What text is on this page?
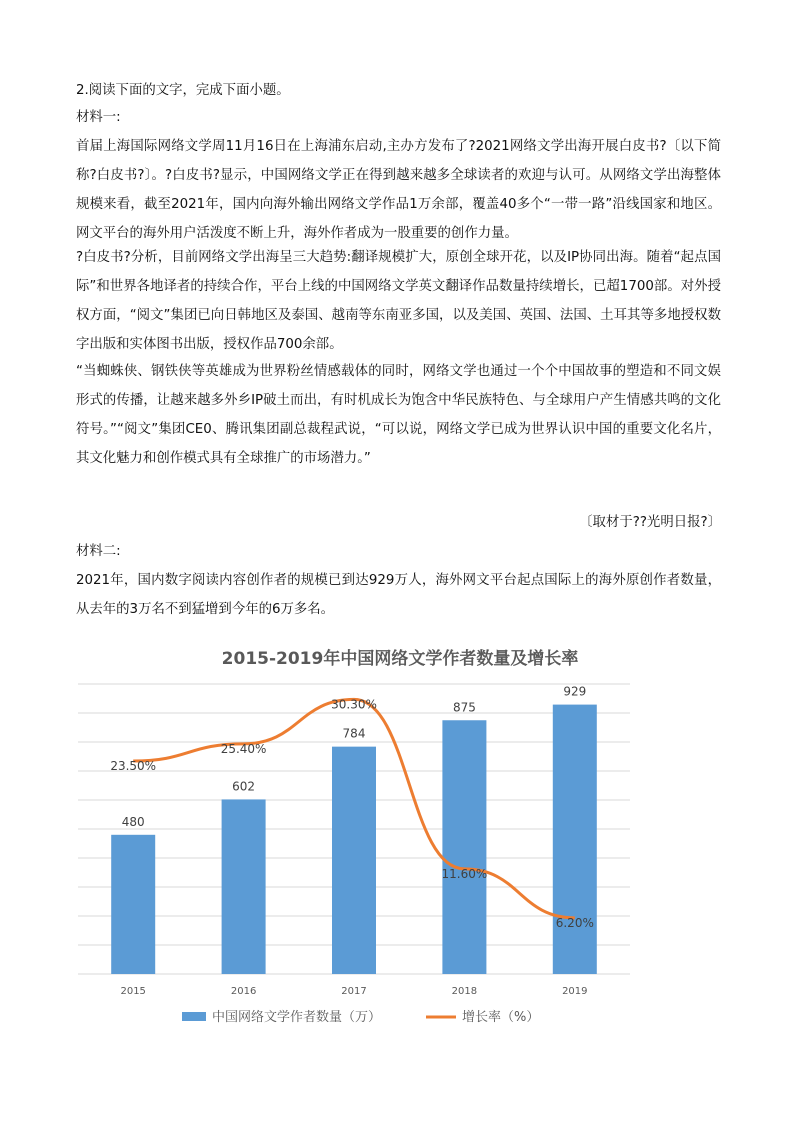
2.阅读下面的文字，完成下面小题。
材料一:
首届上海国际网络文学周11月16日在上海浦东启动,主办方发布了?2021网络文学出海开展白皮书?〔以下简称?白皮书?〕。?白皮书?显示，中国网络文学正在得到越来越多全球读者的欢迎与认可。从网络文学出海整体规模来看，截至2021年，国内向海外输出网络文学作品1万余部，覆盖40多个“一带一路”沿线国家和地区。网文平台的海外用户活泼度不断上升，海外作者成为一股重要的创作力量。
?白皮书?分析，目前网络文学出海呈三大趋势:翻译规模扩大，原创全球开花，以及IP协同出海。随着“起点国际”和世界各地译者的持续合作，平台上线的中国网络文学英文翻译作品数量持续增长，已超1700部。对外授权方面，“阅文”集团已向日韩地区及泰国、越南等东南亚多国，以及美国、英国、法国、土耳其等多地授权数字出版和实体图书出版，授权作品700余部。
“当蜘蛛侠、钢铁侠等英雄成为世界粉丝情感载体的同时，网络文学也通过一个个中国故事的塑造和不同文娱形式的传播，让越来越多外乡IP破土而出，有时机成长为饱含中华民族特色、与全球用户产生情感共鸣的文化符号。”“阅文”集团CE0、腾讯集团副总裁程武说，“可以说，网络文学已成为世界认识中国的重要文化名片，其文化魅力和创作模式具有全球推广的市场潜力。”
〔取材于??光明日报?〕
材料二:
2021年，国内数字阅读内容创作者的规模已到达929万人，海外网文平台起点国际上的海外原创作者数量，从去年的3万名不到猛增到今年的6万多名。
2015-2019年中国网络文学作者数量及增长率
480
602
784
875
929
23.50%
25.40%
30.30%
11.60%
6.20%
2015	2016	2017	2018	2019
中国网络文学作者数量（万）	增长率（%）
